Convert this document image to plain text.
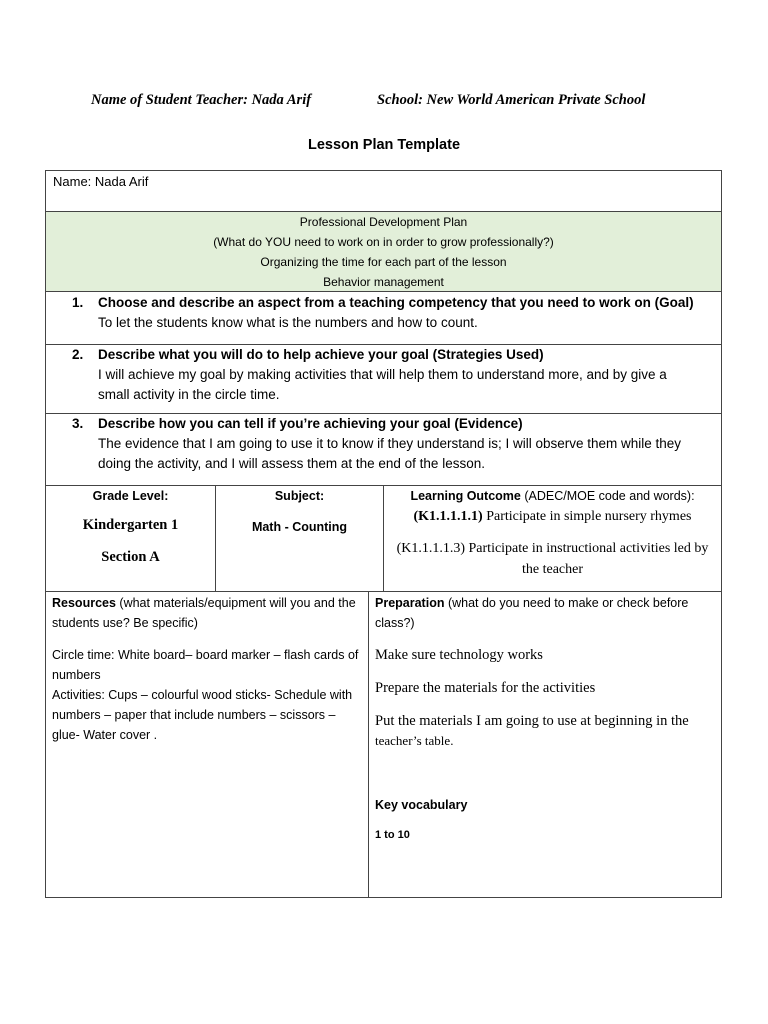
Name of Student Teacher: Nada Arif	School: New World American Private School
Lesson Plan Template
Name: Nada Arif
Professional Development Plan
(What do YOU need to work on in order to grow professionally?)
Organizing the time for each part of the lesson
Behavior management
1. Choose and describe an aspect from a teaching competency that you need to work on (Goal)
To let the students know what is the numbers and how to count.
2. Describe what you will do to help achieve your goal (Strategies Used)
I will achieve my goal by making activities that will help them to understand more, and by give a small activity in the circle time.
3. Describe how you can tell if you’re achieving your goal (Evidence)
The evidence that I am going to use it to know if they understand is; I will observe them while they doing the activity, and I will assess them at the end of the lesson.
Grade Level:
Kindergarten 1
Section A
Subject:
Math - Counting
Learning Outcome (ADEC/MOE code and words):
(K1.1.1.1.1) Participate in simple nursery rhymes
(K1.1.1.1.3) Participate in instructional activities led by the teacher
Resources (what materials/equipment will you and the students use? Be specific)

Circle time: White board– board marker – flash cards of numbers

Activities: Cups – colourful wood sticks- Schedule with numbers – paper that include numbers – scissors – glue- Water cover .

Preparation (what do you need to make or check before class?)

Make sure technology works

Prepare the materials for the activities

Put the materials I am going to use at beginning in the teacher’s table.

Key vocabulary
1 to 10
